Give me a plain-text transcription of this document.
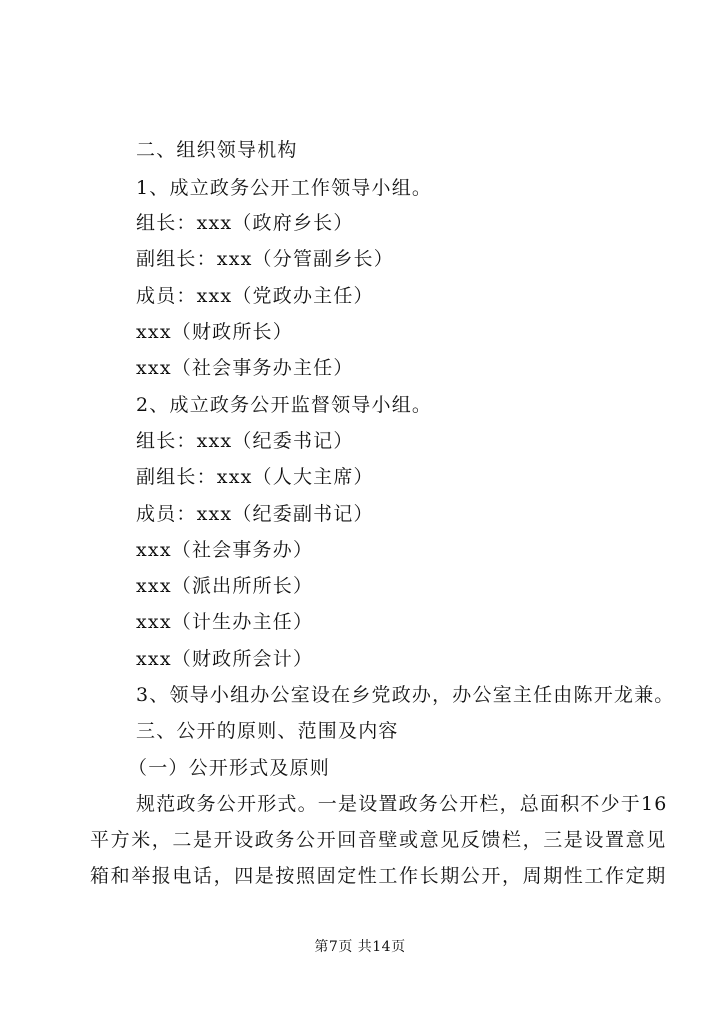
二、组织领导机构
1、成立政务公开工作领导小组。
组长：xxx（政府乡长）
副组长：xxx（分管副乡长）
成员：xxx（党政办主任）
xxx（财政所长）
xxx（社会事务办主任）
2、成立政务公开监督领导小组。
组长：xxx（纪委书记）
副组长：xxx（人大主席）
成员：xxx（纪委副书记）
xxx（社会事务办）
xxx（派出所所长）
xxx（计生办主任）
xxx（财政所会计）
3、领导小组办公室设在乡党政办，办公室主任由陈开龙兼。
三、公开的原则、范围及内容
（一）公开形式及原则
规范政务公开形式。一是设置政务公开栏，总面积不少于16
平方米，二是开设政务公开回音壁或意见反馈栏，三是设置意见
箱和举报电话，四是按照固定性工作长期公开，周期性工作定期
第7页 共14页
